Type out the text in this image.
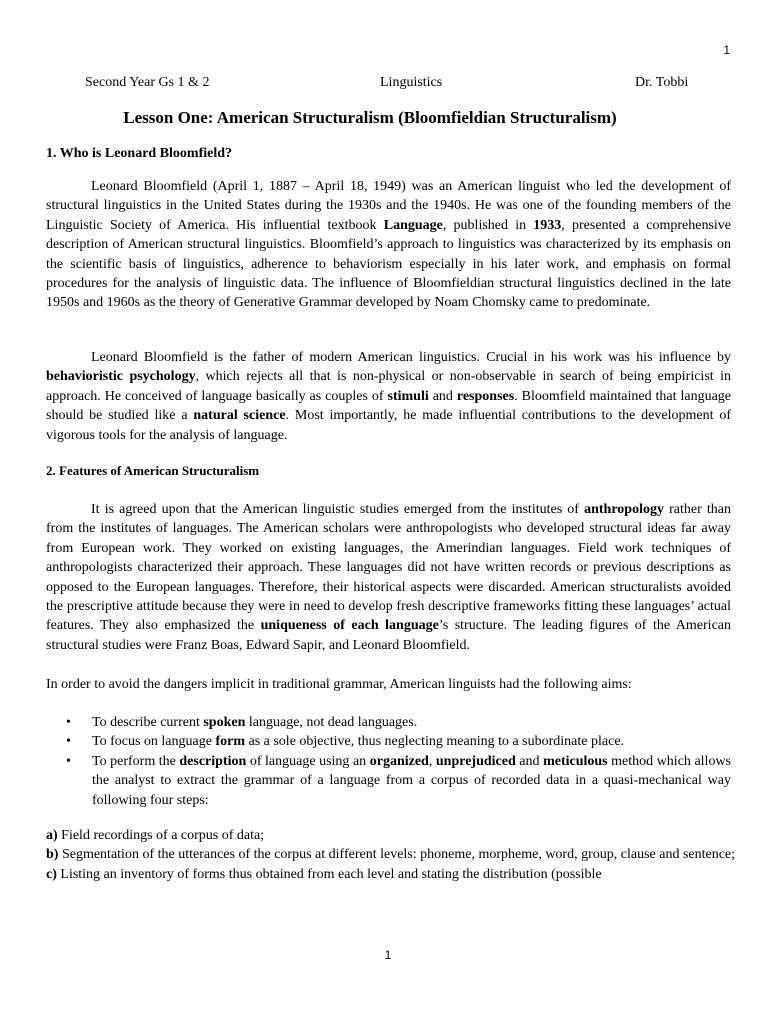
1
Second Year Gs 1 & 2	Linguistics	Dr. Tobbi
Lesson One: American Structuralism (Bloomfieldian Structuralism)
1. Who is Leonard Bloomfield?

Leonard Bloomfield (April 1, 1887 – April 18, 1949) was an American linguist who led the development of structural linguistics in the United States during the 1930s and the 1940s. He was one of the founding members of the Linguistic Society of America. His influential textbook Language, published in 1933, presented a comprehensive description of American structural linguistics. Bloomfield’s approach to linguistics was characterized by its emphasis on the scientific basis of linguistics, adherence to behaviorism especially in his later work, and emphasis on formal procedures for the analysis of linguistic data. The influence of Bloomfieldian structural linguistics declined in the late 1950s and 1960s as the theory of Generative Grammar developed by Noam Chomsky came to predominate.

Leonard Bloomfield is the father of modern American linguistics. Crucial in his work was his influence by behavioristic psychology, which rejects all that is non-physical or non-observable in search of being empiricist in approach. He conceived of language basically as couples of stimuli and responses. Bloomfield maintained that language should be studied like a natural science. Most importantly, he made influential contributions to the development of vigorous tools for the analysis of language.

2. Features of American Structuralism

It is agreed upon that the American linguistic studies emerged from the institutes of anthropology rather than from the institutes of languages. The American scholars were anthropologists who developed structural ideas far away from European work. They worked on existing languages, the Amerindian languages. Field work techniques of anthropologists characterized their approach. These languages did not have written records or previous descriptions as opposed to the European languages. Therefore, their historical aspects were discarded. American structuralists avoided the prescriptive attitude because they were in need to develop fresh descriptive frameworks fitting these languages’ actual features. They also emphasized the uniqueness of each language’s structure. The leading figures of the American structural studies were Franz Boas, Edward Sapir, and Leonard Bloomfield.

In order to avoid the dangers implicit in traditional grammar, American linguists had the following aims:

• To describe current spoken language, not dead languages.
• To focus on language form as a sole objective, thus neglecting meaning to a subordinate place.
• To perform the description of language using an organized, unprejudiced and meticulous method which allows the analyst to extract the grammar of a language from a corpus of recorded data in a quasi-mechanical way following four steps:
a) Field recordings of a corpus of data;
b) Segmentation of the utterances of the corpus at different levels: phoneme, morpheme, word, group, clause and sentence;
c) Listing an inventory of forms thus obtained from each level and stating the distribution (possible
1
